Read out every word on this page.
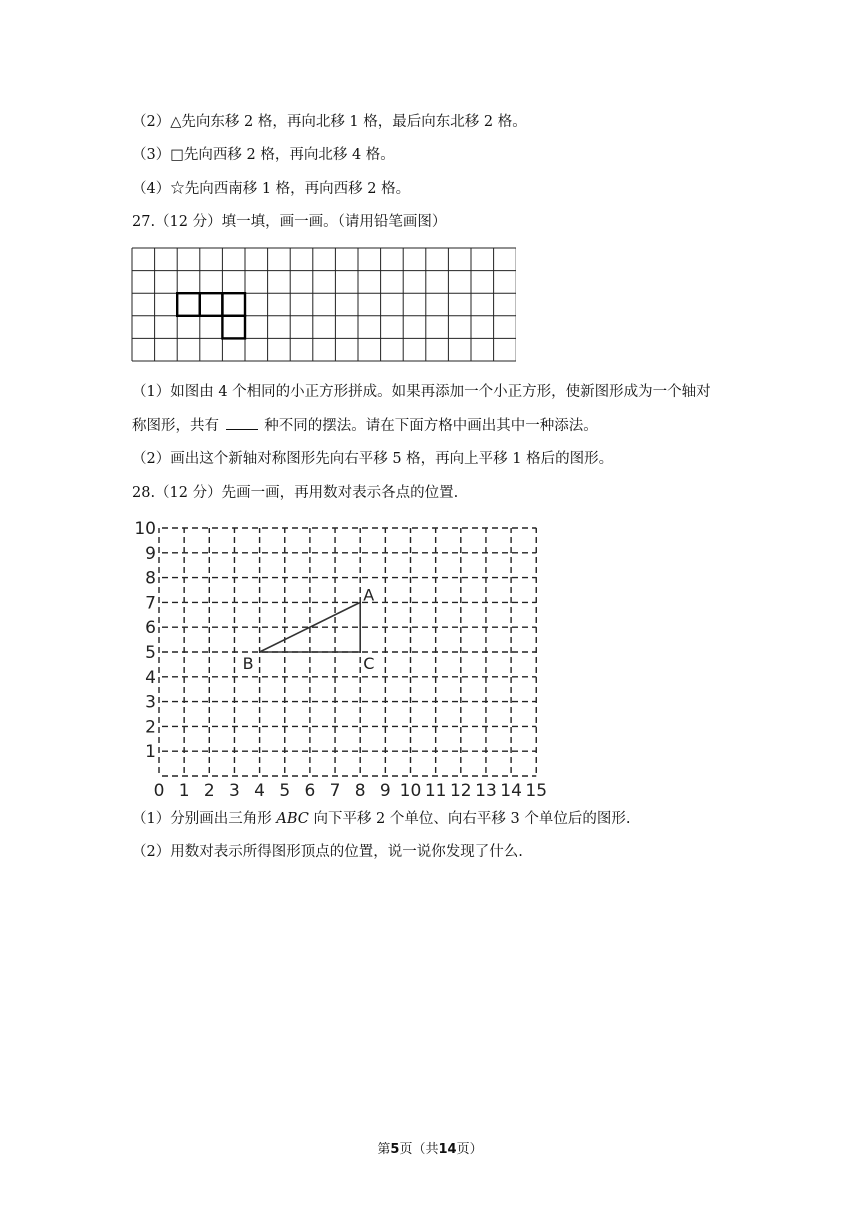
（2）△先向东移 2 格，再向北移 1 格，最后向东北移 2 格。
（3）□先向西移 2 格，再向北移 4 格。
（4）☆先向西南移 1 格，再向西移 2 格。
27.（12 分）填一填，画一画。（请用铅笔画图）
（1）如图由 4 个相同的小正方形拼成。如果再添加一个小正方形，使新图形成为一个轴对
称图形，共有	种不同的摆法。请在下面方格中画出其中一种添法。
（2）画出这个新轴对称图形先向右平移 5 格，再向上平移 1 格后的图形。
28.（12 分）先画一画，再用数对表示各点的位置.
0 1 2 3 4 5 6 7 8 9 10 11 12 13 14 15
1
2
3
4
5
6
7
8
9
10
A
B	C
（1）分别画出三角形 ABC 向下平移 2 个单位、向右平移 3 个单位后的图形.
（2）用数对表示所得图形顶点的位置，说一说你发现了什么.
第5页（共14页）
